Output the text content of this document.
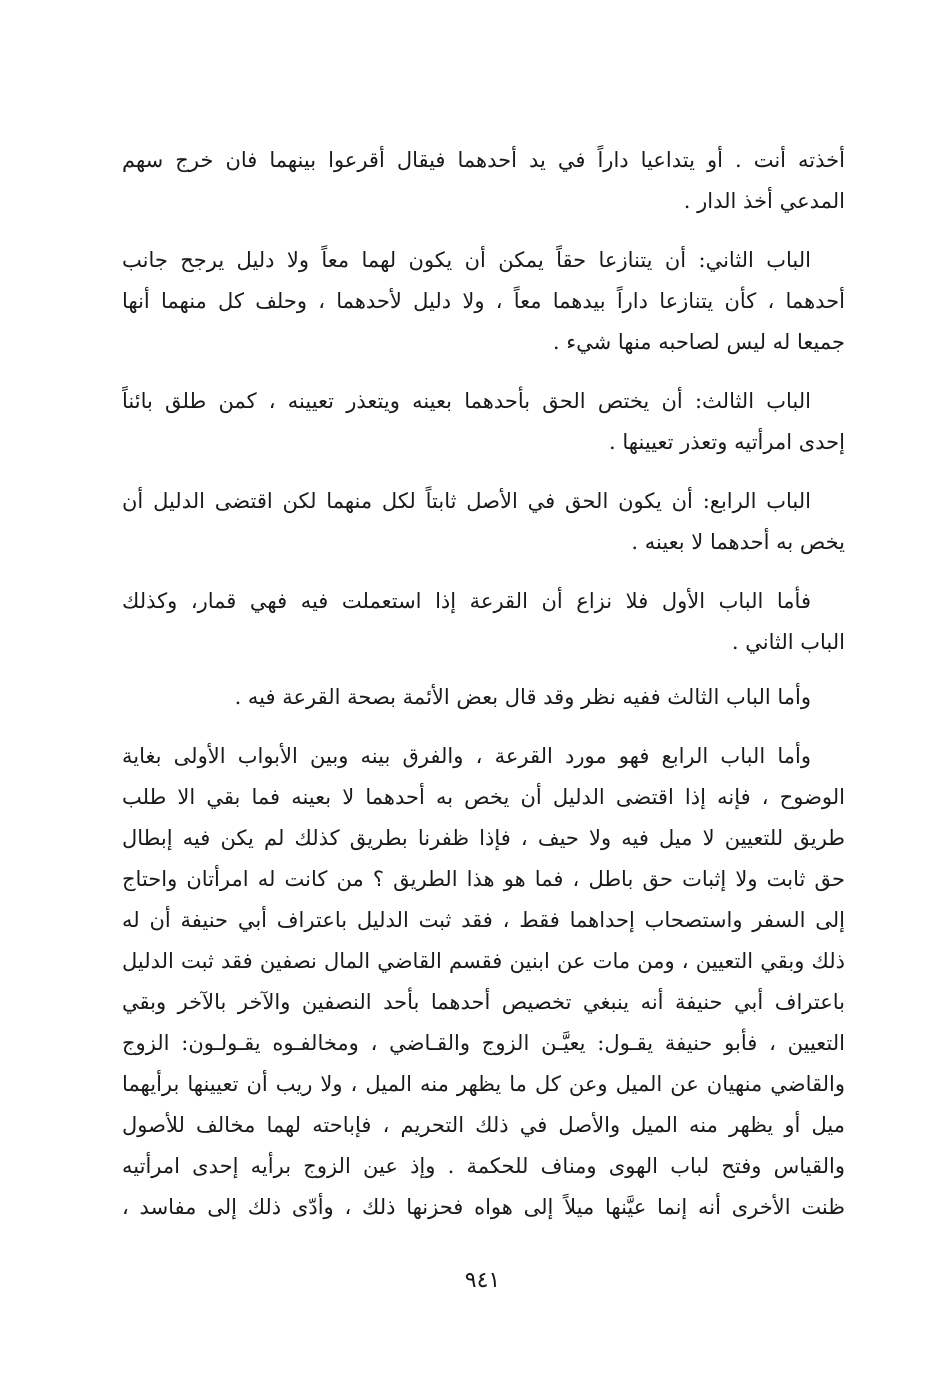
أخذته أنت . أو يتداعيا داراً في يد أحدهما فيقال أقرعوا بينهما فان خرج سهم
المدعي أخذ الدار .
الباب الثاني: أن يتنازعا حقاً يمكن أن يكون لهما معاً ولا دليل يرجح جانب
أحدهما ، كأن يتنازعا داراً بيدهما معاً ، ولا دليل لأحدهما ، وحلف كل منهما أنها
جميعا له ليس لصاحبه منها شيء .
الباب الثالث: أن يختص الحق بأحدهما بعينه ويتعذر تعيينه ، كمن طلق بائناً
إحدى امرأتيه وتعذر تعيينها .
الباب الرابع: أن يكون الحق في الأصل ثابتاً لكل منهما لكن اقتضى الدليل أن
يخص به أحدهما لا بعينه .
فأما الباب الأول فلا نزاع أن القرعة إذا استعملت فيه فهي قمار، وكذلك
الباب الثاني .
وأما الباب الثالث ففيه نظر وقد قال بعض الأئمة بصحة القرعة فيه .
وأما الباب الرابع فهو مورد القرعة ، والفرق بينه وبين الأبواب الأولى بغاية
الوضوح ، فإنه إذا اقتضى الدليل أن يخص به أحدهما لا بعينه فما بقي الا طلب
طريق للتعيين لا ميل فيه ولا حيف ، فإذا ظفرنا بطريق كذلك لم يكن فيه إبطال
حق ثابت ولا إثبات حق باطل ، فما هو هذا الطريق ؟ من كانت له امرأتان واحتاج
إلى السفر واستصحاب إحداهما فقط ، فقد ثبت الدليل باعتراف أبي حنيفة أن له
ذلك وبقي التعيين ، ومن مات عن ابنين فقسم القاضي المال نصفين فقد ثبت الدليل
باعتراف أبي حنيفة أنه ينبغي تخصيص أحدهما بأحد النصفين والآخر بالآخر وبقي
التعيين ، فأبو حنيفة يقـول: يعيَّـن الزوج والقـاضي ، ومخالفـوه يقـولـون: الزوج
والقاضي منهيان عن الميل وعن كل ما يظهر منه الميل ، ولا ريب أن تعيينها برأيهما
ميل أو يظهر منه الميل والأصل في ذلك التحريم ، فإباحته لهما مخالف للأصول
والقياس وفتح لباب الهوى ومناف للحكمة . وإذ عين الزوج برأيه إحدى امرأتيه
ظنت الأخرى أنه إنما عيَّنها ميلاً إلى هواه فحزنها ذلك ، وأدّى ذلك إلى مفاسد ،
٩٤١
